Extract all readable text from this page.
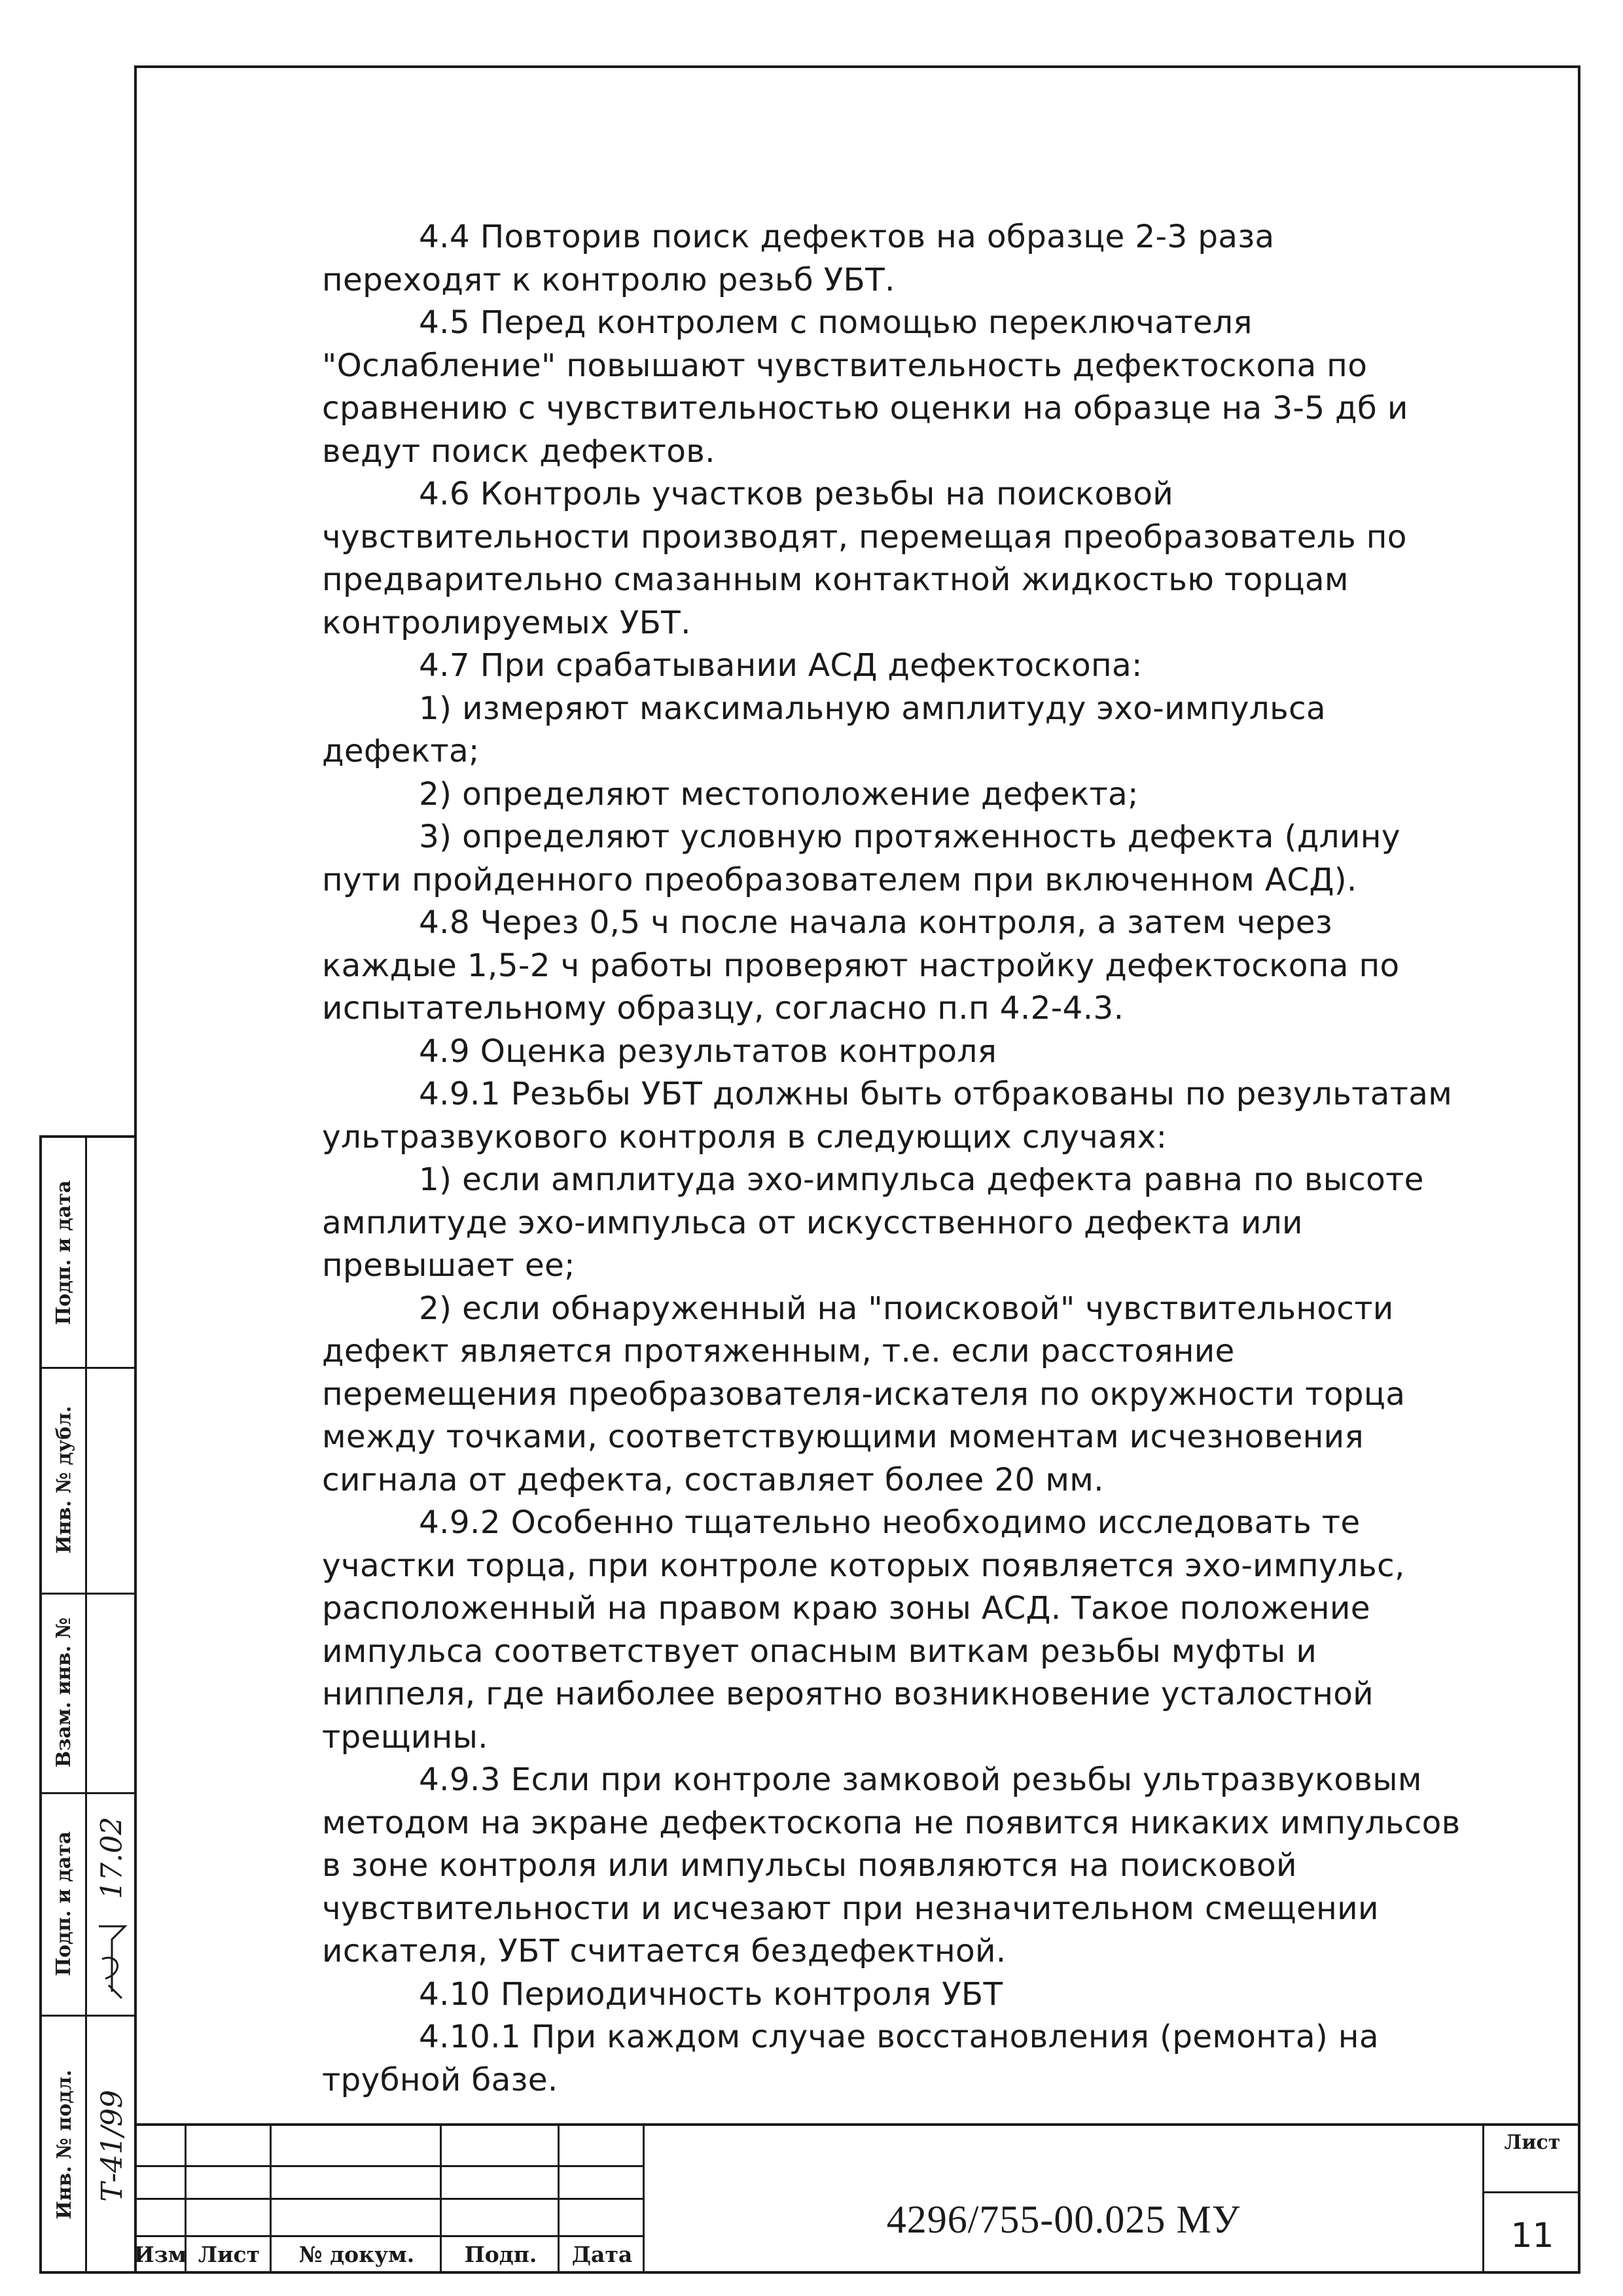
4.4 Повторив поиск дефектов на образце 2-3 раза переходят к контролю резьб УБТ.

4.5 Перед контролем с помощью переключателя "Ослабление" повышают чувствительность дефектоскопа по сравнению с чувствительностью оценки на образце на 3-5 дб и ведут поиск дефектов.

4.6 Контроль участков резьбы на поисковой чувствительности производят, перемещая преобразователь по предварительно смазанным контактной жидкостью торцам контролируемых УБТ.

4.7 При срабатывании АСД дефектоскопа:

1) измеряют максимальную амплитуду эхо-импульса дефекта;

2) определяют местоположение дефекта;

3) определяют условную протяженность дефекта (длину пути пройденного преобразователем при включенном АСД).

4.8 Через 0,5 ч после начала контроля, а затем через каждые 1,5-2 ч работы проверяют настройку дефектоскопа по испытательному образцу, согласно п.п 4.2-4.3.

4.9 Оценка результатов контроля

4.9.1 Резьбы УБТ должны быть отбракованы по результатам ультразвукового контроля в следующих случаях:

1) если амплитуда эхо-импульса дефекта равна по высоте амплитуде эхо-импульса от искусственного дефекта или превышает ее;

2) если обнаруженный на "поисковой" чувствительности дефект является протяженным, т.е. если расстояние перемещения преобразователя-искателя по окружности торца между точками, соответствующими моментам исчезновения сигнала от дефекта, составляет более 20 мм.

4.9.2 Особенно тщательно необходимо исследовать те участки торца, при контроле которых появляется эхо-импульс, расположенный на правом краю зоны АСД. Такое положение импульса соответствует опасным виткам резьбы муфты и ниппеля, где наиболее вероятно возникновение усталостной трещины.

4.9.3 Если при контроле замковой резьбы ультразвуковым методом на экране дефектоскопа не появится никаких импульсов в зоне контроля или импульсы появляются на поисковой чувствительности и исчезают при незначительном смещении искателя, УБТ считается бездефектной.

4.10 Периодичность контроля УБТ

4.10.1 При каждом случае восстановления (ремонта) на трубной базе.

Подп. и дата
Инв. № дубл.
Взам. инв. №
Подп. и дата
Инв. № подл.
17.02
Т-41/99
Изм Лист	№ докум.	Подп.	Дата
4296/755-00.025 МУ
Лист
11
